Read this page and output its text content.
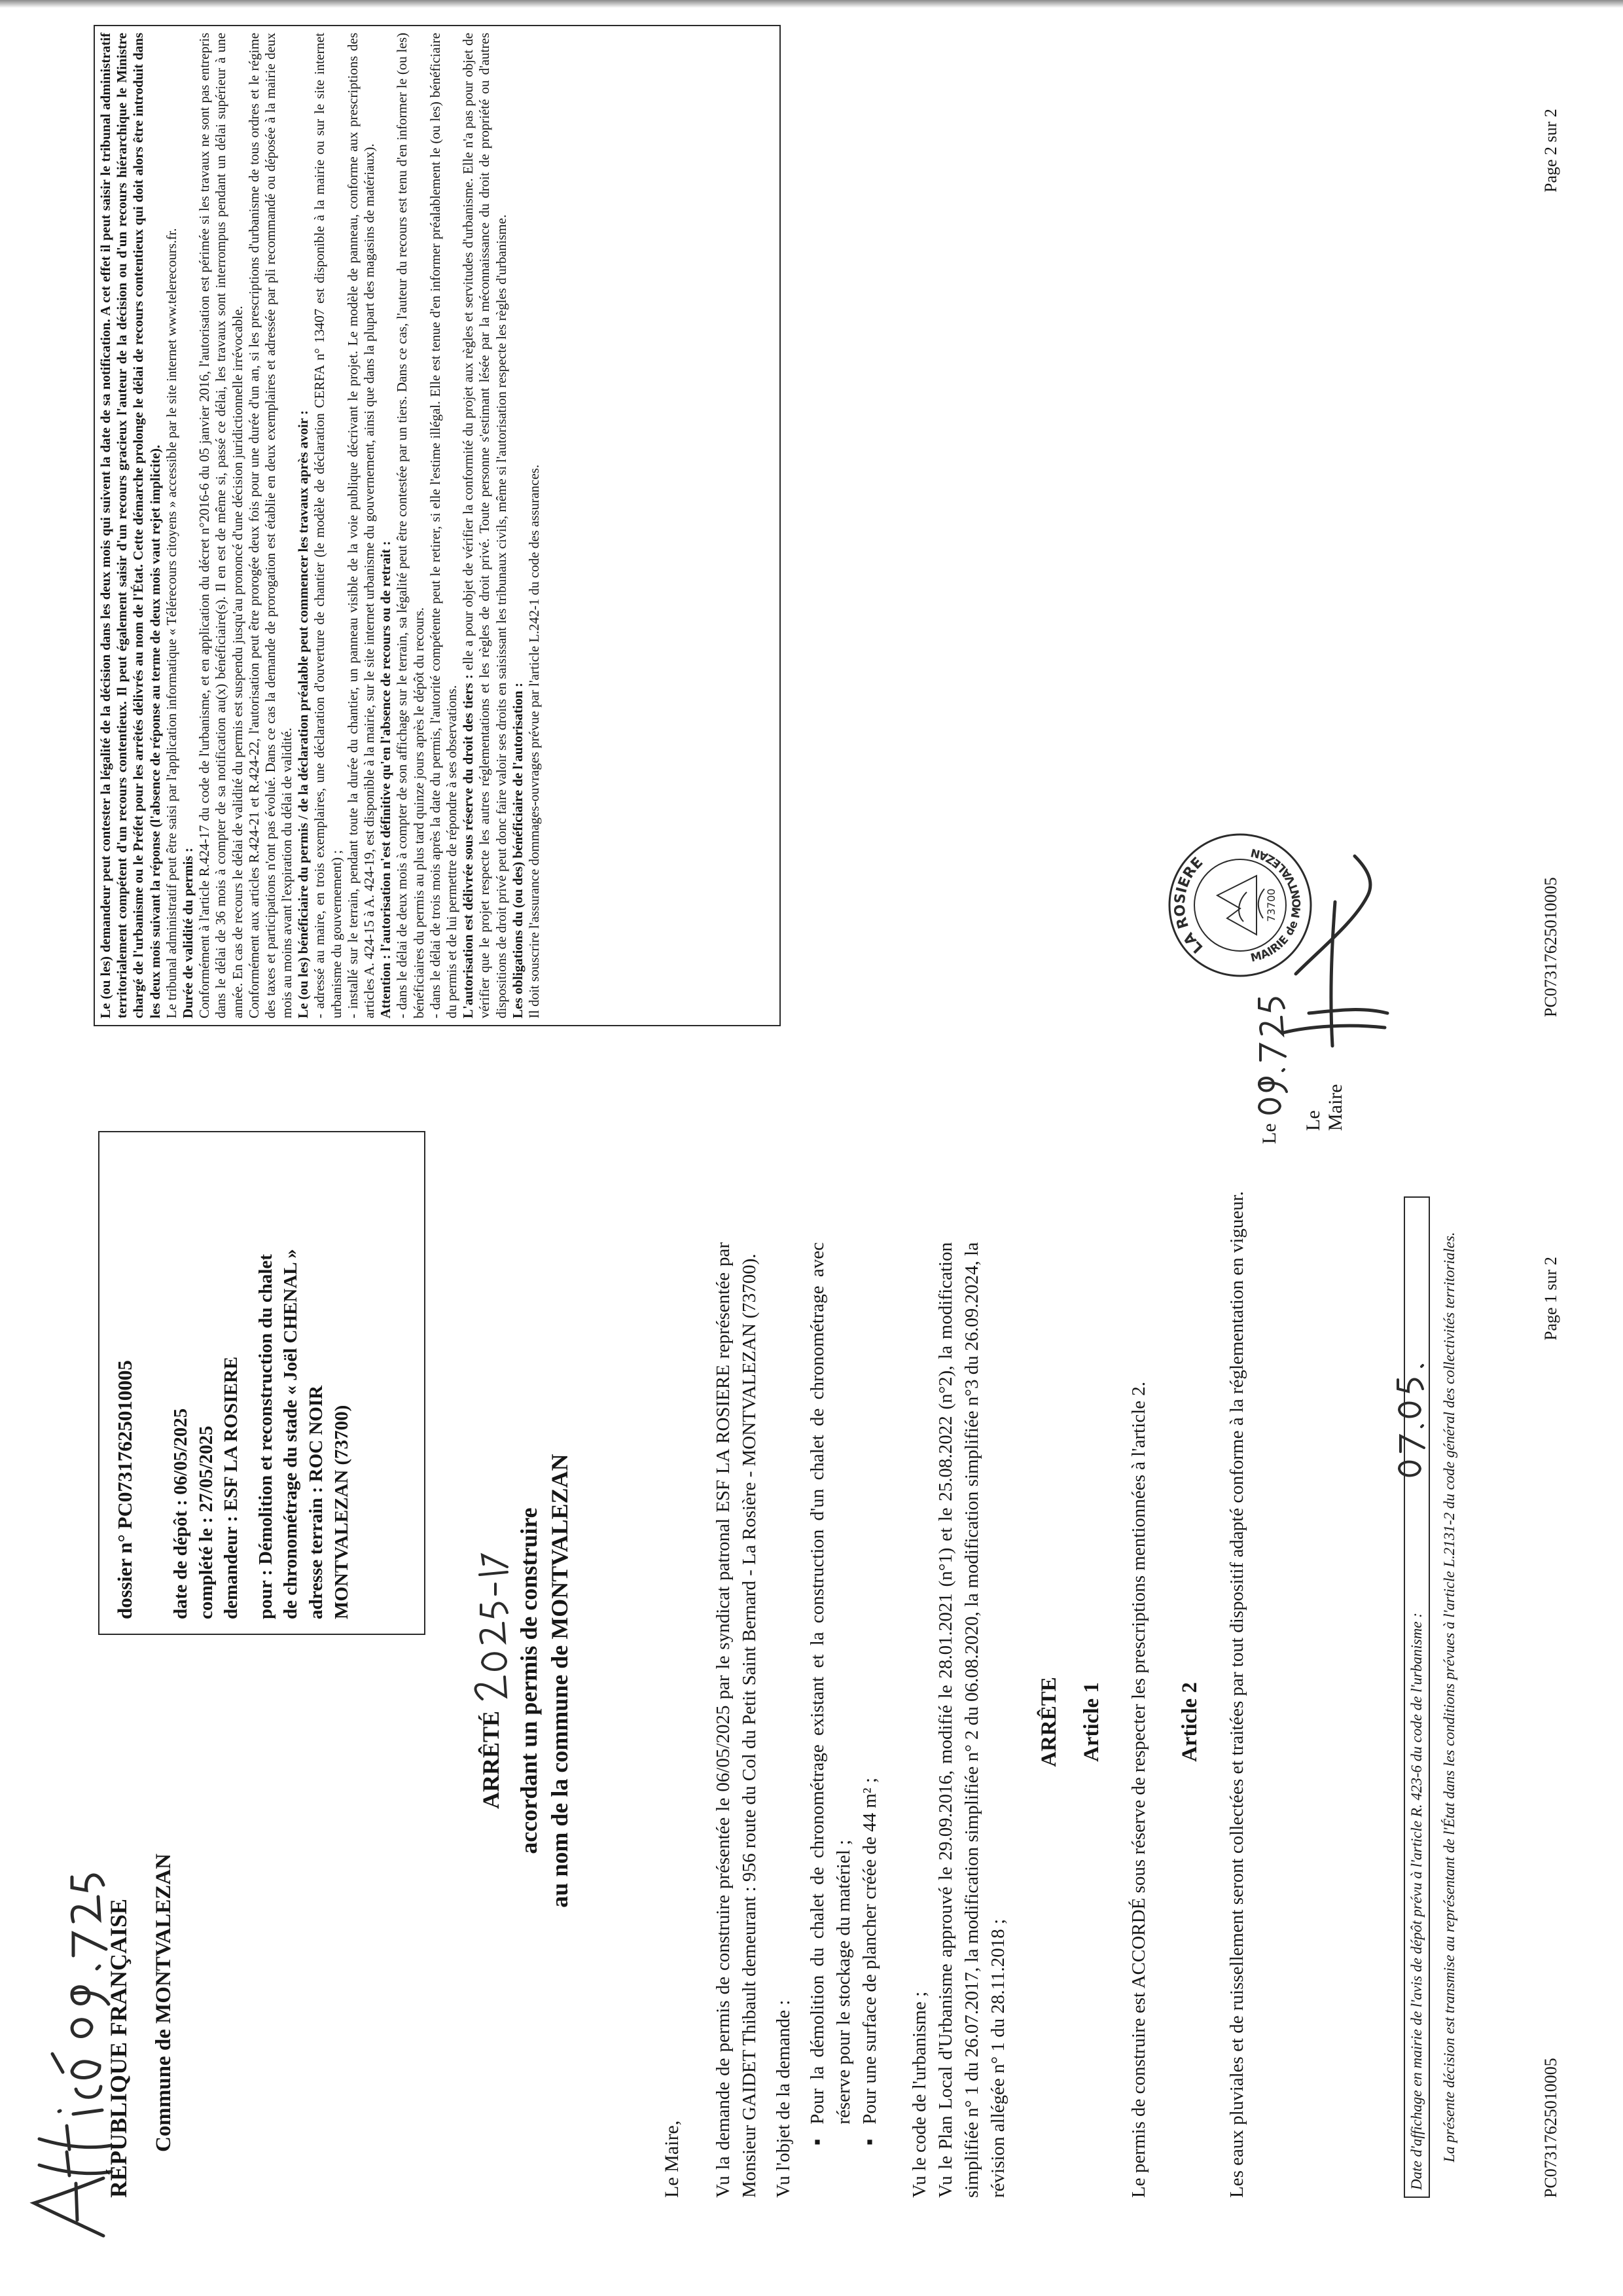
RÉPUBLIQUE FRANÇAISE Commune de MONTVALEZAN
dossier n° PC07317625010005 date de dépôt : 06/05/2025 complété le : 27/05/2025 demandeur : ESF LA ROSIERE pour : Démolition et reconstruction du chalet de chronométrage du stade « Joël CHENAL » adresse terrain : ROC NOIR MONTVALEZAN (73700)
ARRÊTÉ accordant un permis de construire au nom de la commune de MONTVALEZAN
Le Maire, Vu la demande de permis de construire présentée le 06/05/2025 par le syndicat patronal ESF LA ROSIERE représentée par Monsieur GAIDET Thibault demeurant : 956 route du Col du Petit Saint Bernard - La Rosière - MONTVALEZAN (73700). Vu l'objet de la demande : ▪
Pour la démolition du chalet de chronométrage existant et la construction d'un chalet de chronométrage avec réserve pour le stockage du matériel ;
▪
Pour une surface de plancher créée de 44 m² ; Vu le code de l'urbanisme ; Vu le Plan Local d'Urbanisme approuvé le 29.09.2016, modifié le 28.01.2021 (n°1) et le 25.08.2022 (n°2), la modification simplifiée n° 1 du 26.07.2017, la modification simplifiée n° 2 du 06.08.2020, la modification simplifiée n°3 du 26.09.2024, la révision allégée n° 1 du 28.11.2018 ;

ARRÊTE Article 1 Le permis de construire est ACCORDÉ sous réserve de respecter les prescriptions mentionnées à l'article 2. Article 2 Les eaux pluviales et de ruissellement seront collectées et traitées par tout dispositif adapté conforme à la réglementation en vigueur.
Le
Le Maire
LA ROSIERE
MAIRIE de MONTVALEZAN
73700
Date d'affichage en mairie de l'avis de dépôt prévu à l'article R. 423-6 du code de l'urbanisme :	La présente décision est transmise au représentant de l'État dans les conditions prévues à l'article L.2131-2 du code général des collectivités territoriales.	PC07317625010005
Page 1 sur 2

Le (ou les) demandeur peut contester la légalité de la décision dans les deux mois qui suivent la date de sa notification. A cet effet il peut saisir le tribunal administratif territorialement compétent d'un recours contentieux. Il peut également saisir d'un recours gracieux l'auteur de la décision ou d'un recours hiérarchique le Ministre chargé de l'urbanisme ou le Préfet pour les arrêtés délivrés au nom de l'État. Cette démarche prolonge le délai de recours contentieux qui doit alors être introduit dans les deux mois suivant la réponse (l'absence de réponse au terme de deux mois vaut rejet implicite). Le tribunal administratif peut être saisi par l'application informatique « Télérecours citoyens » accessible par le site internet www.telerecours.fr. Durée de validité du permis : Conformément à l'article R.424-17 du code de l'urbanisme, et en application du décret n°2016-6 du 05 janvier 2016, l'autorisation est périmée si les travaux ne sont pas entrepris dans le délai de 36 mois à compter de sa notification au(x) bénéficiaire(s). Il en est de même si, passé ce délai, les travaux sont interrompus pendant un délai supérieur à une année. En cas de recours le délai de validité du permis est suspendu jusqu'au prononcé d'une décision juridictionnelle irrévocable. Conformément aux articles R.424-21 et R.424-22, l'autorisation peut être prorogée deux fois pour une durée d'un an, si les prescriptions d'urbanisme de tous ordres et le régime des taxes et participations n'ont pas évolué. Dans ce cas la demande de prorogation est établie en deux exemplaires et adressée par pli recommandé ou déposée à la mairie deux mois au moins avant l'expiration du délai de validité. Le (ou les) bénéficiaire du permis / de la déclaration préalable peut commencer les travaux après avoir : - adressé au maire, en trois exemplaires, une déclaration d'ouverture de chantier (le modèle de déclaration CERFA n° 13407 est disponible à la mairie ou sur le site internet urbanisme du gouvernement) ; - installé sur le terrain, pendant toute la durée du chantier, un panneau visible de la voie publique décrivant le projet. Le modèle de panneau, conforme aux prescriptions des articles A. 424-15 à A. 424-19, est disponible à la mairie, sur le site internet urbanisme du gouvernement, ainsi que dans la plupart des magasins de matériaux). Attention : l'autorisation n'est définitive qu'en l'absence de recours ou de retrait : - dans le délai de deux mois à compter de son affichage sur le terrain, sa légalité peut être contestée par un tiers. Dans ce cas, l'auteur du recours est tenu d'en informer le (ou les) bénéficiaires du permis au plus tard quinze jours après le dépôt du recours. - dans le délai de trois mois après la date du permis, l'autorité compétente peut le retirer, si elle l'estime illégal. Elle est tenue d'en informer préalablement le (ou les) bénéficiaire du permis et de lui permettre de répondre à ses observations. L'autorisation est délivrée sous réserve du droit des tiers : elle a pour objet de vérifier la conformité du projet aux règles et servitudes d'urbanisme. Elle n'a pas pour objet de vérifier que le projet respecte les autres réglementations et les règles de droit privé. Toute personne s'estimant lésée par la méconnaissance du droit de propriété ou d'autres dispositions de droit privé peut donc faire valoir ses droits en saisissant les tribunaux civils, même si l'autorisation respecte les règles d'urbanisme. Les obligations du (ou des) bénéficiaire de l'autorisation : Il doit souscrire l'assurance dommages-ouvrages prévue par l'article L.242-1 du code des assurances.	PC07317625010005
Page 2 sur 2
